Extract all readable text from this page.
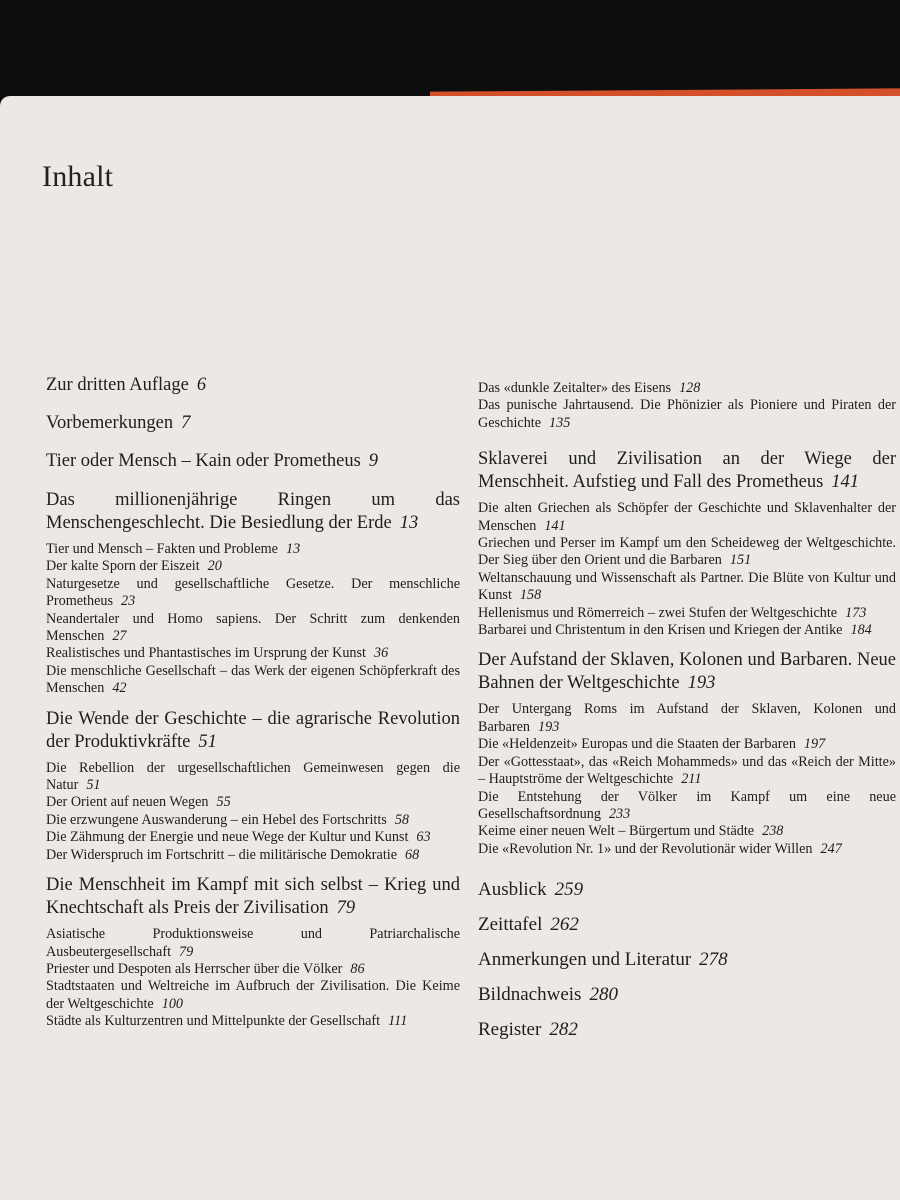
Inhalt
Zur dritten Auflage 6
Vorbemerkungen 7
Tier oder Mensch – Kain oder Prometheus 9
Das millionenjährige Ringen um das Menschengeschlecht. Die Besiedlung der Erde 13
Tier und Mensch – Fakten und Probleme 13
Der kalte Sporn der Eiszeit 20
Naturgesetze und gesellschaftliche Gesetze. Der menschliche Prometheus 23
Neandertaler und Homo sapiens. Der Schritt zum denkenden Menschen 27
Realistisches und Phantastisches im Ursprung der Kunst 36
Die menschliche Gesellschaft – das Werk der eigenen Schöpferkraft des Menschen 42
Die Wende der Geschichte – die agrarische Revolution der Produktivkräfte 51
Die Rebellion der urgesellschaftlichen Gemeinwesen gegen die Natur 51
Der Orient auf neuen Wegen 55
Die erzwungene Auswanderung – ein Hebel des Fortschritts 58
Die Zähmung der Energie und neue Wege der Kultur und Kunst 63
Der Widerspruch im Fortschritt – die militärische Demokratie 68
Die Menschheit im Kampf mit sich selbst – Krieg und Knechtschaft als Preis der Zivilisation 79
Asiatische Produktionsweise und Patriarchalische Ausbeutergesellschaft 79
Priester und Despoten als Herrscher über die Völker 86
Stadtstaaten und Weltreiche im Aufbruch der Zivilisation. Die Keime der Weltgeschichte 100
Städte als Kulturzentren und Mittelpunkte der Gesellschaft 111
Das «dunkle Zeitalter» des Eisens 128
Das punische Jahrtausend. Die Phönizier als Pioniere und Piraten der Geschichte 135
Sklaverei und Zivilisation an der Wiege der Menschheit. Aufstieg und Fall des Prometheus 141
Die alten Griechen als Schöpfer der Geschichte und Sklavenhalter der Menschen 141
Griechen und Perser im Kampf um den Scheideweg der Weltgeschichte. Der Sieg über den Orient und die Barbaren 151
Weltanschauung und Wissenschaft als Partner. Die Blüte von Kultur und Kunst 158
Hellenismus und Römerreich – zwei Stufen der Weltgeschichte 173
Barbarei und Christentum in den Krisen und Kriegen der Antike 184
Der Aufstand der Sklaven, Kolonen und Barbaren. Neue Bahnen der Weltgeschichte 193
Der Untergang Roms im Aufstand der Sklaven, Kolonen und Barbaren 193
Die «Heldenzeit» Europas und die Staaten der Barbaren 197
Der «Gottesstaat», das «Reich Mohammeds» und das «Reich der Mitte» – Hauptströme der Weltgeschichte 211
Die Entstehung der Völker im Kampf um eine neue Gesellschaftsordnung 233
Keime einer neuen Welt – Bürgertum und Städte 238
Die «Revolution Nr. 1» und der Revolutionär wider Willen 247
Ausblick 259
Zeittafel 262
Anmerkungen und Literatur 278
Bildnachweis 280
Register 282
